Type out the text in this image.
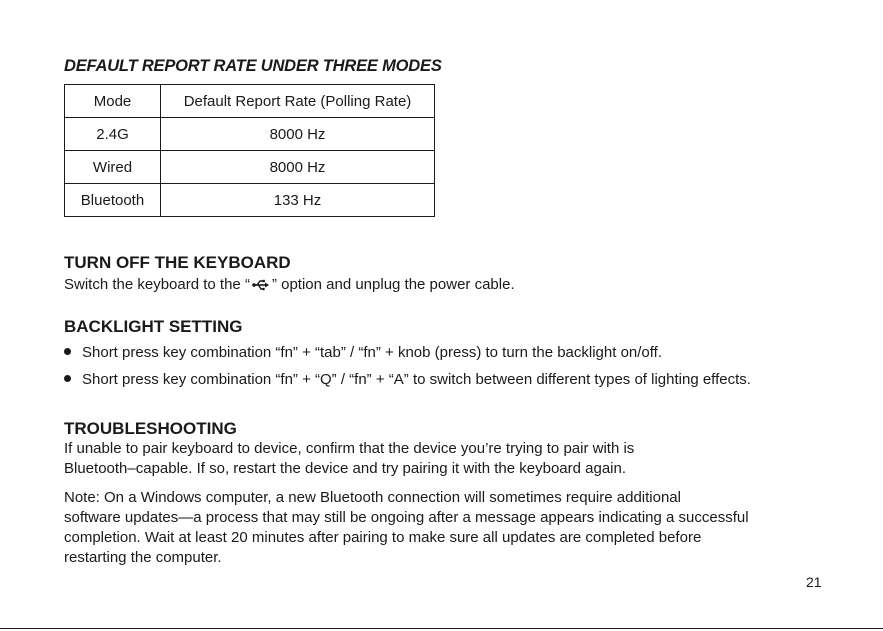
DEFAULT REPORT RATE UNDER THREE MODES
Mode	Default Report Rate (Polling Rate)
2.4G	8000 Hz
Wired	8000 Hz
Bluetooth	133 Hz
TURN OFF THE KEYBOARD
Switch the keyboard to the “ ” option and unplug the power cable.
BACKLIGHT SETTING
Short press key combination “fn” + “tab” / “fn” + knob (press) to turn the backlight on/off.
Short press key combination “fn” + “Q” / “fn” + “A” to switch between different types of lighting effects.
TROUBLESHOOTING
If unable to pair keyboard to device, confirm that the device you’re trying to pair with is
Bluetooth–capable. If so, restart the device and try pairing it with the keyboard again.
Note: On a Windows computer, a new Bluetooth connection will sometimes require additional
software updates—a process that may still be ongoing after a message appears indicating a successful
completion. Wait at least 20 minutes after pairing to make sure all updates are completed before
restarting the computer.
21
